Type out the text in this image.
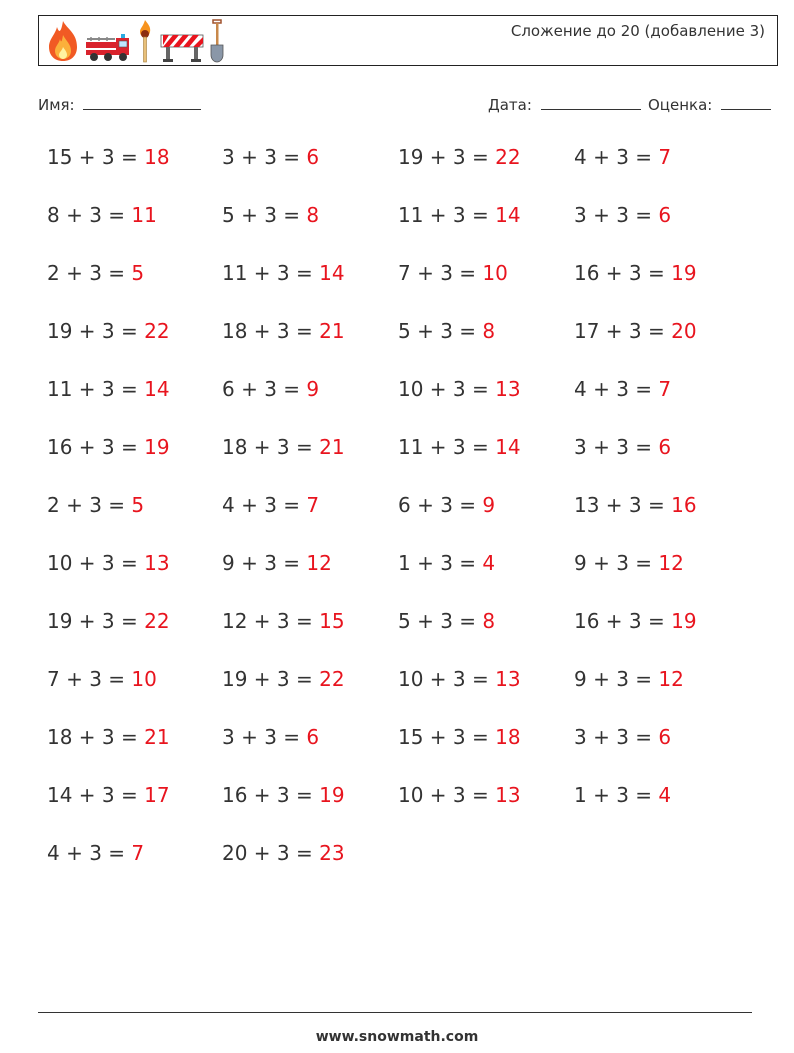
Сложение до 20 (добавление 3)
Имя:	Дата:	Оценка:
15 + 3 = 18	3 + 3 = 6	19 + 3 = 22	4 + 3 = 7
8 + 3 = 11	5 + 3 = 8	11 + 3 = 14	3 + 3 = 6
2 + 3 = 5	11 + 3 = 14	7 + 3 = 10	16 + 3 = 19
19 + 3 = 22	18 + 3 = 21	5 + 3 = 8	17 + 3 = 20
11 + 3 = 14	6 + 3 = 9	10 + 3 = 13	4 + 3 = 7
16 + 3 = 19	18 + 3 = 21	11 + 3 = 14	3 + 3 = 6
2 + 3 = 5	4 + 3 = 7	6 + 3 = 9	13 + 3 = 16
10 + 3 = 13	9 + 3 = 12	1 + 3 = 4	9 + 3 = 12
19 + 3 = 22	12 + 3 = 15	5 + 3 = 8	16 + 3 = 19
7 + 3 = 10	19 + 3 = 22	10 + 3 = 13	9 + 3 = 12
18 + 3 = 21	3 + 3 = 6	15 + 3 = 18	3 + 3 = 6
14 + 3 = 17	16 + 3 = 19	10 + 3 = 13	1 + 3 = 4
4 + 3 = 7	20 + 3 = 23
www.snowmath.com
